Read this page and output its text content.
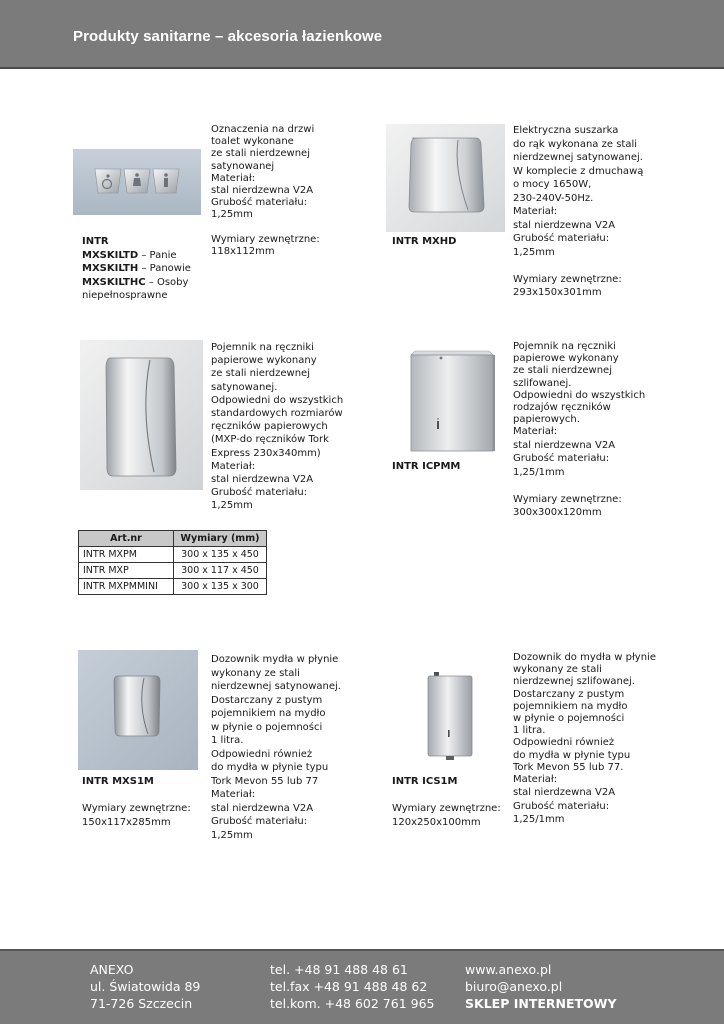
Produkty sanitarne – akcesoria łazienkowe
INTR
MXSKILTD – Panie
MXSKILTH – Panowie
MXSKILTHC – Osoby
niepełnosprawne
Oznaczenia na drzwi
toalet wykonane
ze stali nierdzewnej
satynowanej
Materiał:
stal nierdzewna V2A
Grubość materiału:
1,25mm
Wymiary zewnętrzne:
118x112mm
INTR MXHD
Elektryczna suszarka
do rąk wykonana ze stali
nierdzewnej satynowanej.
W komplecie z dmuchawą
o mocy 1650W,
230-240V-50Hz.
Materiał:
stal nierdzewna V2A
Grubość materiału:
1,25mm
Wymiary zewnętrzne:
293x150x301mm
Pojemnik na ręczniki
papierowe wykonany
ze stali nierdzewnej
satynowanej.
Odpowiedni do wszystkich
standardowych rozmiarów
ręczników papierowych
(MXP-do ręczników Tork
Express 230x340mm)
Materiał:
stal nierdzewna V2A
Grubość materiału:
1,25mm
Art.nr	Wymiary (mm)
INTR MXPM	300 x 135 x 450
INTR MXP	300 x 117 x 450
INTR MXPMMINI	300 x 135 x 300
INTR ICPMM
Pojemnik na ręczniki
papierowe wykonany
ze stali nierdzewnej
szlifowanej.
Odpowiedni do wszystkich
rodzajów ręczników
papierowych.
Materiał:
stal nierdzewna V2A
Grubość materiału:
1,25/1mm
Wymiary zewnętrzne:
300x300x120mm
INTR MXS1M
Wymiary zewnętrzne:
150x117x285mm
Dozownik mydła w płynie
wykonany ze stali
nierdzewnej satynowanej.
Dostarczany z pustym
pojemnikiem na mydło
w płynie o pojemności
1 litra.
Odpowiedni również
do mydła w płynie typu
Tork Mevon 55 lub 77
Materiał:
stal nierdzewna V2A
Grubość materiału:
1,25mm
INTR ICS1M
Wymiary zewnętrzne:
120x250x100mm
Dozownik do mydła w płynie
wykonany ze stali
nierdzewnej szlifowanej.
Dostarczany z pustym
pojemnikiem na mydło
w płynie o pojemności
1 litra.
Odpowiedni również
do mydła w płynie typu
Tork Mevon 55 lub 77.
Materiał:
stal nierdzewna V2A
Grubość materiału:
1,25/1mm
ANEXO
ul. Światowida 89
71-726 Szczecin
tel. +48 91 488 48 61
tel.fax +48 91 488 48 62
tel.kom. +48 602 761 965
www.anexo.pl
biuro@anexo.pl
SKLEP INTERNETOWY
